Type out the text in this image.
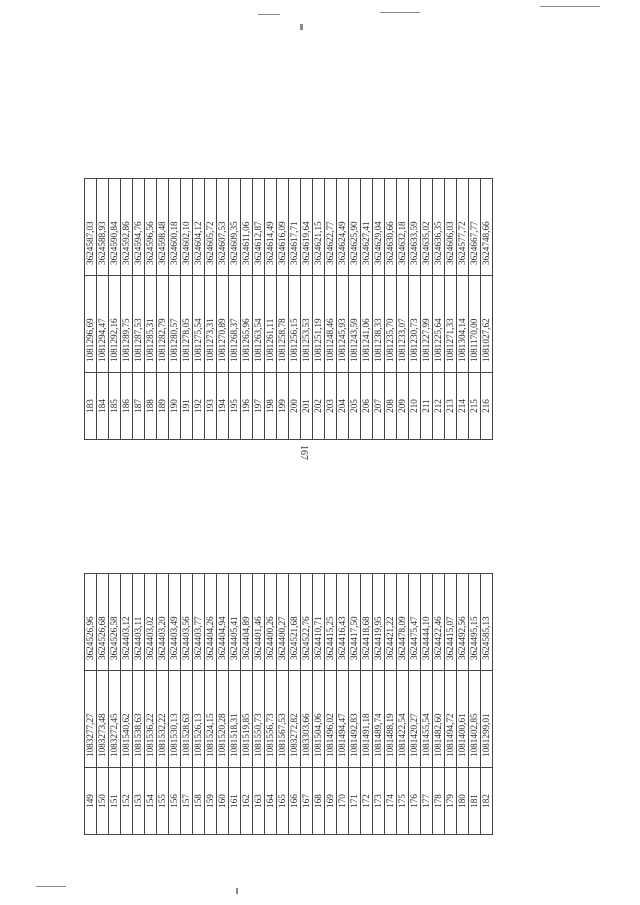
167
149	1083277,27	3624526,96
150	1083273,48	3624526,68
151	1083272,45	3624526,58
152	1081540,62	3624403,12
153	1081538,63	3624403,11
154	1081536,22	3624403,02
155	1081532,22	3624403,20
156	1081530,13	3624403,49
157	1081528,63	3624403,56
158	1081526,13	3624403,77
159	1081524,15	3624404,26
160	1081520,28	3624404,94
161	1081518,31	3624405,41
162	1081519,85	3624404,89
163	1081550,73	3624401,46
164	1081556,73	3624400,26
165	1081567,53	3624400,27
166	1083272,82	3624521,68
167	1083303,66	3624522,76
168	1081504,06	3624410,71
169	1081496,02	3624415,25
170	1081494,47	3624416,43
171	1081492,83	3624417,50
172	1081491,18	3624418,68
173	1081489,74	3624419,95
174	1081488,19	3624421,22
175	1081422,54	3624478,09
176	1081420,27	3624475,47
177	1081455,54	3624444,10
178	1081482,60	3624422,46
179	1081494,72	3624415,07
180	1081400,61	3624492,56
181	1081402,85	3624495,15
182	1081299,01	3624585,13
183	1081296,69	3624587,03
184	1081294,47	3624588,93
185	1081292,16	3624590,84
186	1081289,75	3624592,86
187	1081287,53	3624594,76
188	1081285,31	3624596,56
189	1081282,79	3624598,48
190	1081280,57	3624600,18
191	1081278,05	3624602,10
192	1081275,54	3624604,12
193	1081273,31	3624605,72
194	1081270,89	3624607,53
195	1081268,37	3624609,35
196	1081265,96	3624611,06
197	1081263,54	3624612,87
198	1081261,11	3624614,49
199	1081258,78	3624616,09
200	1081256,15	3624617,71
201	1081253,53	3624619,64
202	1081251,19	3624621,15
203	1081248,46	3624622,77
204	1081245,93	3624624,49
205	1081243,59	3624625,90
206	1081241,06	3624627,41
207	1081238,33	3624629,04
208	1081235,70	3624630,66
209	1081233,07	3624632,18
210	1081230,73	3624633,59
211	1081227,99	3624635,02
212	1081225,64	3624636,35
213	1081271,33	3624606,03
214	1081304,14	3624577,72
215	1081170,00	3624667,77
216	1081027,62	3624748,66
